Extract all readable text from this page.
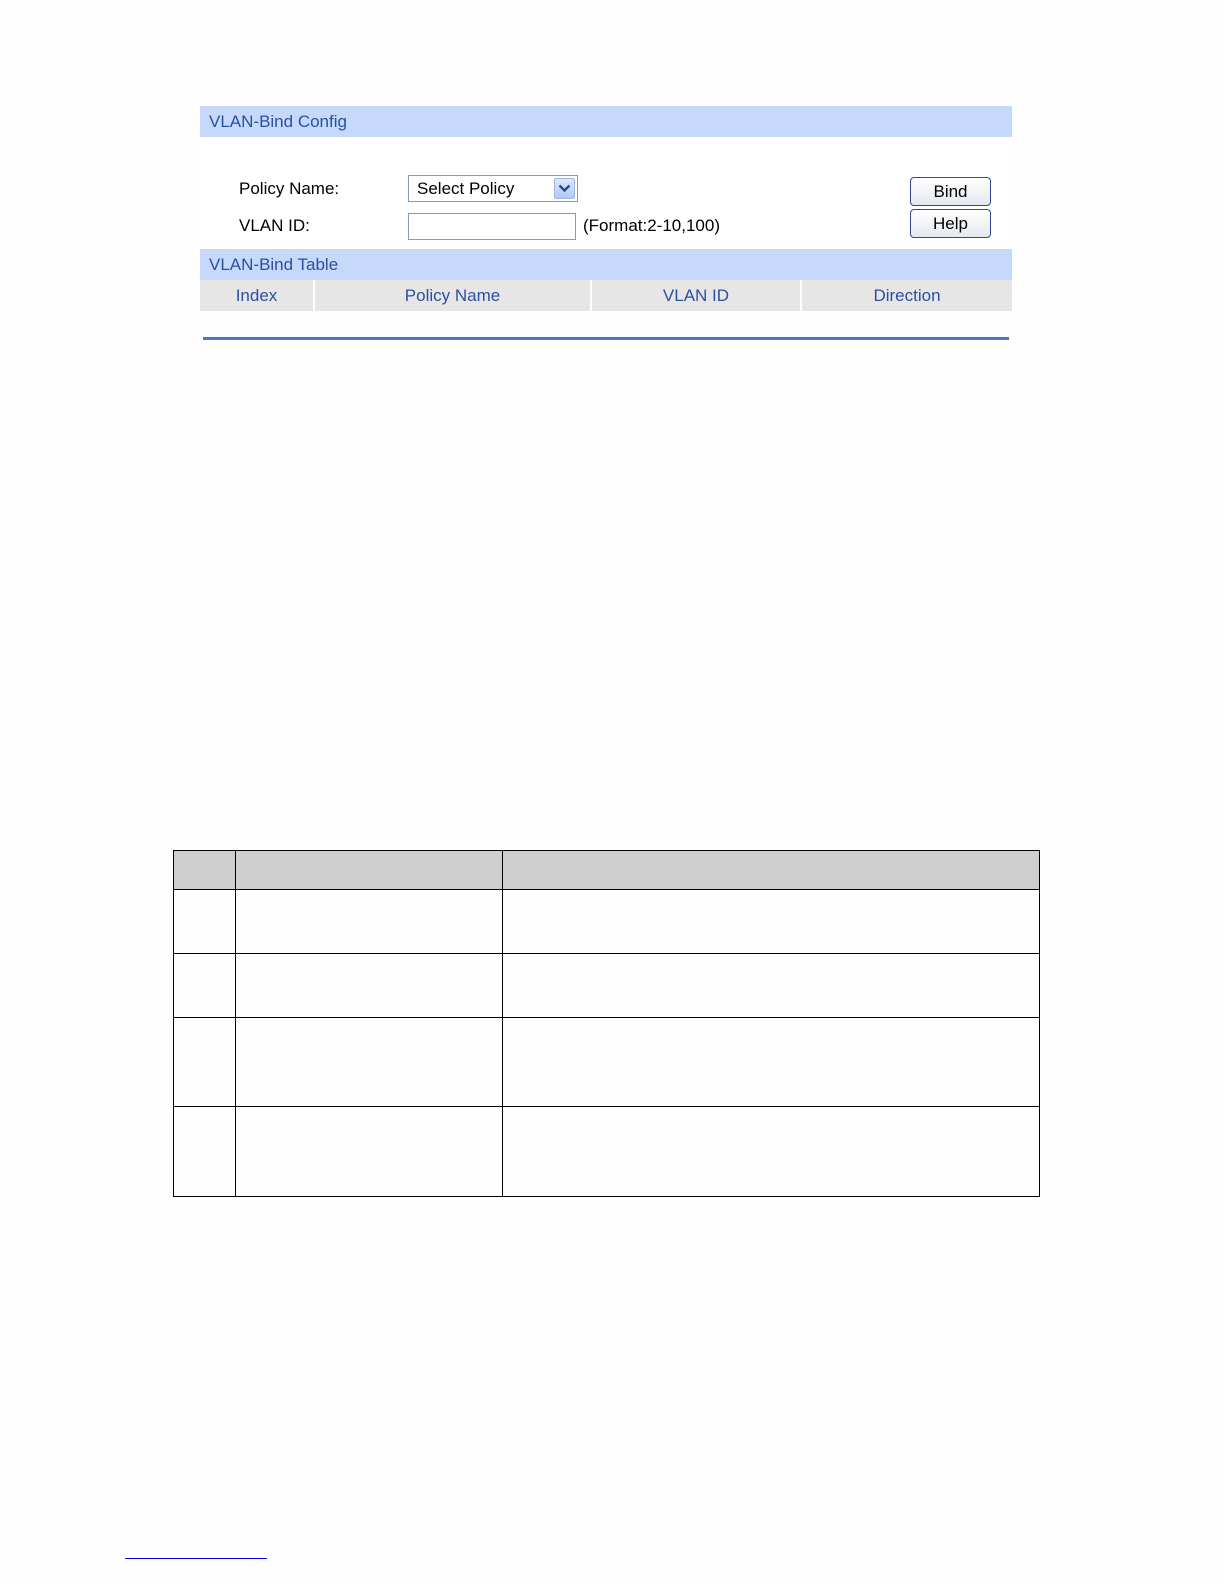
VLAN-Bind Config
Policy Name:	Select Policy
VLAN ID:	(Format:2-10,100)
Bind
Help
VLAN-Bind Table
Index	Policy Name	VLAN ID	Direction
